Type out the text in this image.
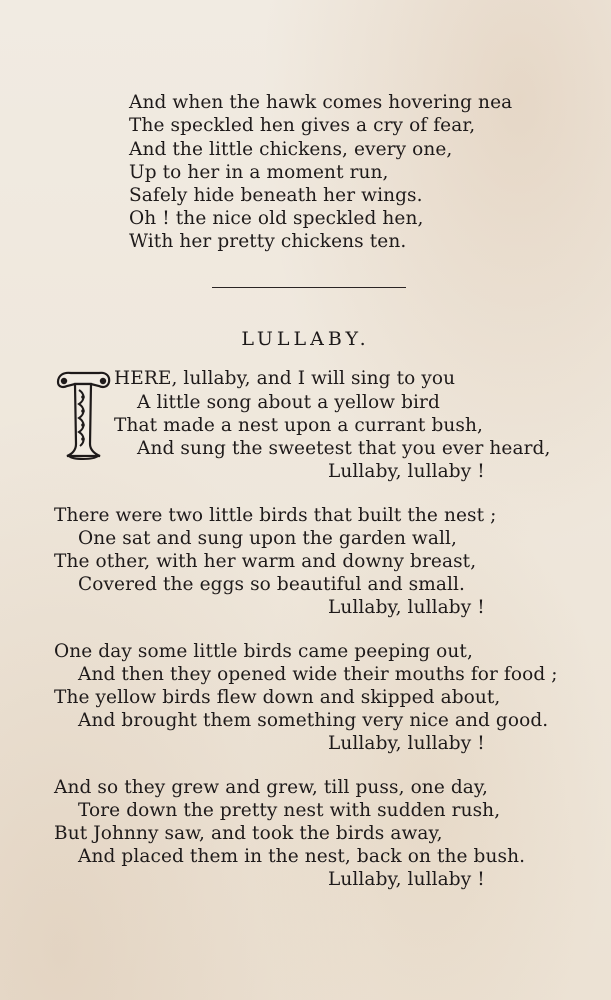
And when the hawk comes hovering nea
The speckled hen gives a cry of fear,
And the little chickens, every one,
Up to her in a moment run,
Safely hide beneath her wings.
Oh ! the nice old speckled hen,
With her pretty chickens ten.
LULLABY.
HERE, lullaby, and I will sing to you
A little song about a yellow bird
That made a nest upon a currant bush,
And sung the sweetest that you ever heard,
Lullaby, lullaby !
There were two little birds that built the nest ;
One sat and sung upon the garden wall,
The other, with her warm and downy breast,
Covered the eggs so beautiful and small.
Lullaby, lullaby !
One day some little birds came peeping out,
And then they opened wide their mouths for food ;
The yellow birds flew down and skipped about,
And brought them something very nice and good.
Lullaby, lullaby !
And so they grew and grew, till puss, one day,
Tore down the pretty nest with sudden rush,
But Johnny saw, and took the birds away,
And placed them in the nest, back on the bush.
Lullaby, lullaby !
